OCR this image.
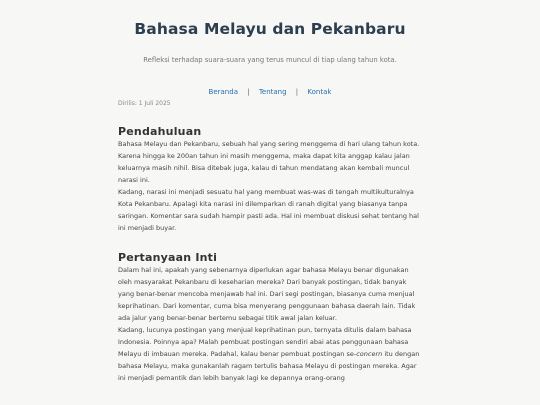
Bahasa Melayu dan Pekanbaru

Refleksi terhadap suara-suara yang terus muncul di tiap ulang tahun kota.

Beranda | Tentang | Kontak

Dirilis: 1 Juli 2025

Pendahuluan

Bahasa Melayu dan Pekanbaru, sebuah hal yang sering menggema di hari ulang tahun kota. Karena hingga ke 200an tahun ini masih menggema, maka dapat kita anggap kalau jalan keluarnya masih nihil. Bisa ditebak juga, kalau di tahun mendatang akan kembali muncul narasi ini.

Kadang, narasi ini menjadi sesuatu hal yang membuat was-was di tengah multikulturalnya Kota Pekanbaru. Apalagi kita narasi ini dilemparkan di ranah digital yang biasanya tanpa saringan. Komentar sara sudah hampir pasti ada. Hal ini membuat diskusi sehat tentang hal ini menjadi buyar.

Pertanyaan Inti

Dalam hal ini, apakah yang sebenarnya diperlukan agar bahasa Melayu benar digunakan oleh masyarakat Pekanbaru di keseharian mereka? Dari banyak postingan, tidak banyak yang benar-benar mencoba menjawab hal ini. Dari segi postingan, biasanya cuma menjual keprihatinan. Dari komentar, cuma bisa menyerang penggunaan bahasa daerah lain. Tidak ada jalur yang benar-benar bertemu sebagai titik awal jalan keluar.

Kadang, lucunya postingan yang menjual keprihatinan pun, ternyata ditulis dalam bahasa Indonesia. Poinnya apa? Malah pembuat postingan sendiri abai atas penggunaan bahasa Melayu di imbauan mereka. Padahal, kalau benar pembuat postingan se-concern itu dengan bahasa Melayu, maka gunakanlah ragam tertulis bahasa Melayu di postingan mereka. Agar ini menjadi pemantik dan lebih banyak lagi ke depannya orang-orang
